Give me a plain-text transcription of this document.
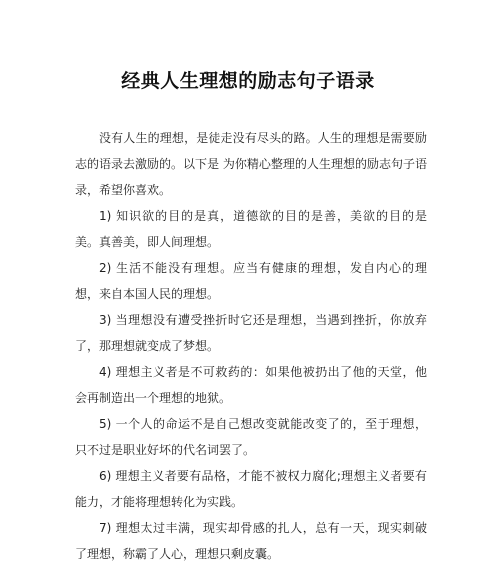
经典人生理想的励志句子语录

没有人生的理想，是徒走没有尽头的路。人生的理想是需要励志的语录去激励的。以下是 为你精心整理的人生理想的励志句子语录，希望你喜欢。

1) 知识欲的目的是真，道德欲的目的是善，美欲的目的是美。真善美，即人间理想。

2) 生活不能没有理想。应当有健康的理想，发自内心的理想，来自本国人民的理想。

3) 当理想没有遭受挫折时它还是理想，当遇到挫折，你放弃了，那理想就变成了梦想。

4) 理想主义者是不可救药的：如果他被扔出了他的天堂，他会再制造出一个理想的地狱。

5) 一个人的命运不是自己想改变就能改变了的，至于理想，只不过是职业好坏的代名词罢了。

6) 理想主义者要有品格，才能不被权力腐化;理想主义者要有能力，才能将理想转化为实践。

7) 理想太过丰满，现实却骨感的扎人，总有一天，现实刺破了理想，称霸了人心，理想只剩皮囊。
